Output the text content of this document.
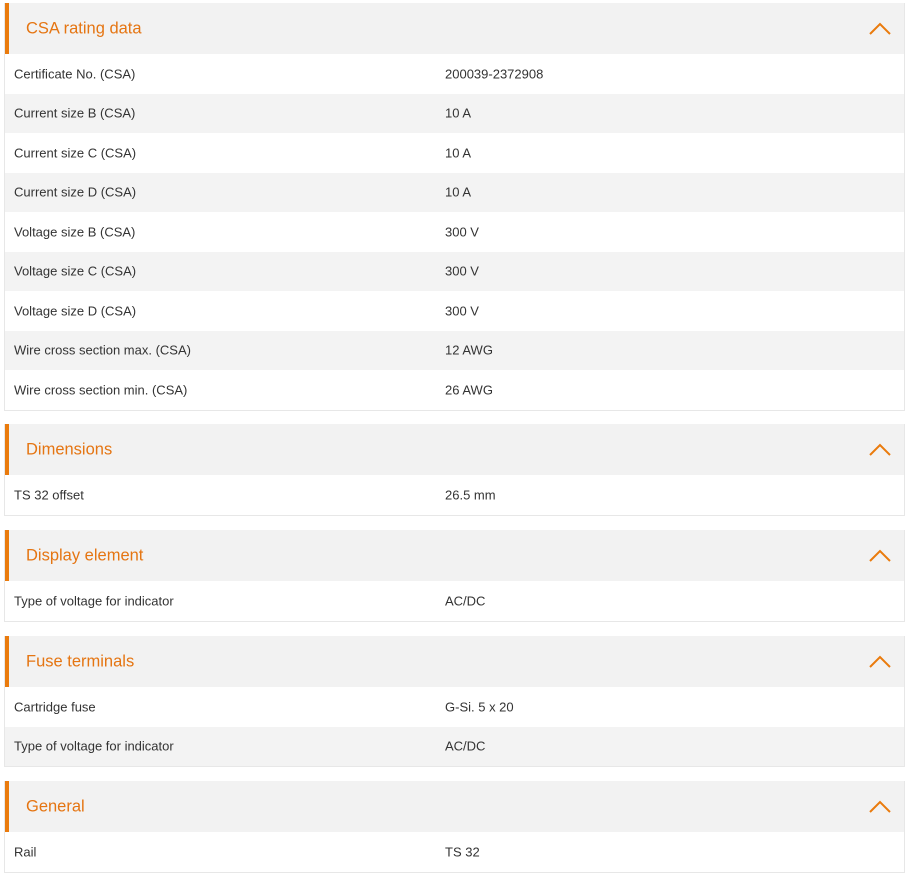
CSA rating data
Certificate No. (CSA)	200039-2372908
Current size B (CSA)	10 A
Current size C (CSA)	10 A
Current size D (CSA)	10 A
Voltage size B (CSA)	300 V
Voltage size C (CSA)	300 V
Voltage size D (CSA)	300 V
Wire cross section max. (CSA)	12 AWG
Wire cross section min. (CSA)	26 AWG
Dimensions
TS 32 offset	26.5 mm
Display element
Type of voltage for indicator	AC/DC
Fuse terminals
Cartridge fuse	G-Si. 5 x 20
Type of voltage for indicator	AC/DC
General
Rail	TS 32
